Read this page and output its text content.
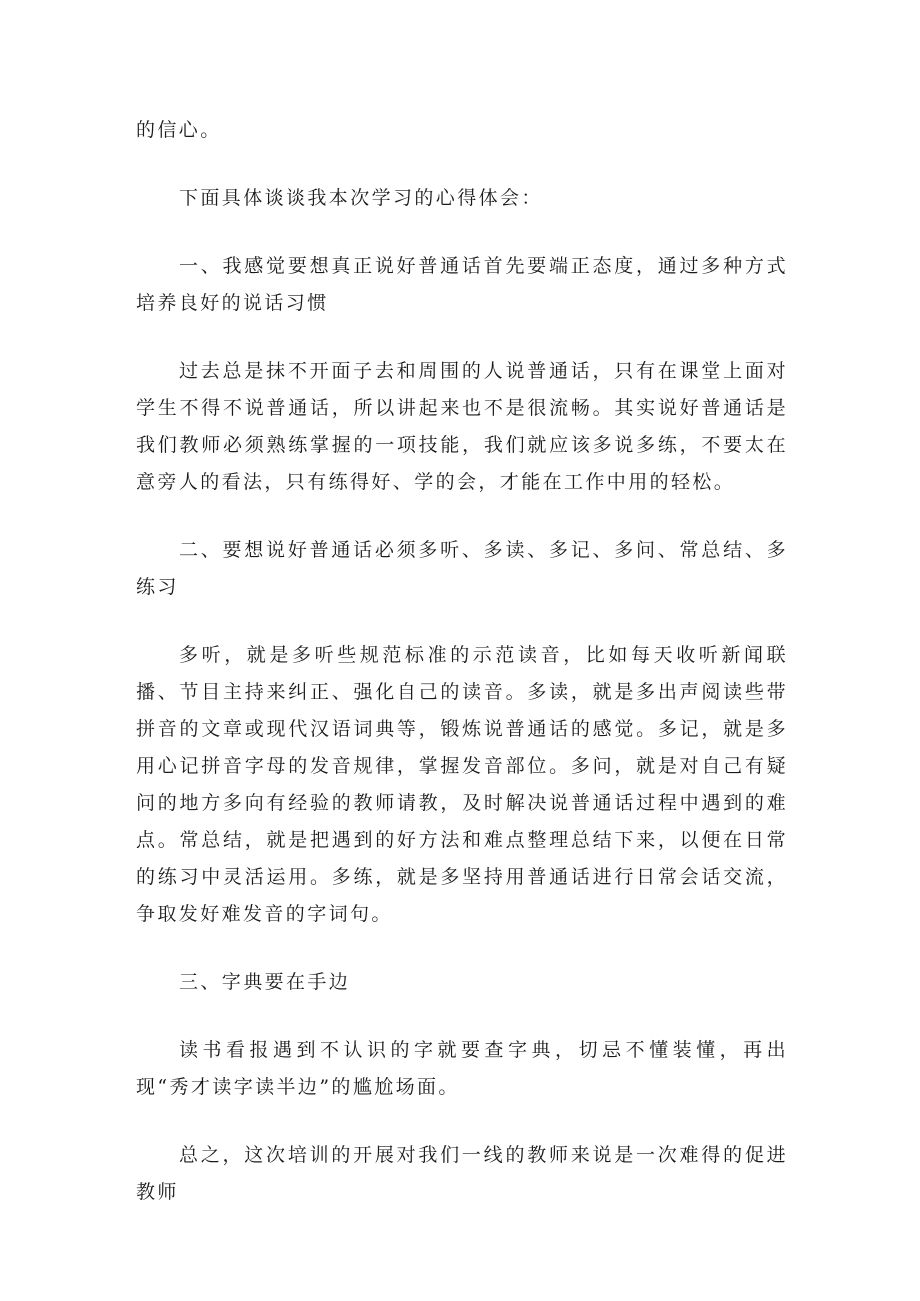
的信心。

下面具体谈谈我本次学习的心得体会：

一、我感觉要想真正说好普通话首先要端正态度，通过多种方式培养良好的说话习惯

过去总是抹不开面子去和周围的人说普通话，只有在课堂上面对学生不得不说普通话，所以讲起来也不是很流畅。其实说好普通话是我们教师必须熟练掌握的一项技能，我们就应该多说多练，不要太在意旁人的看法，只有练得好、学的会，才能在工作中用的轻松。

二、要想说好普通话必须多听、多读、多记、多问、常总结、多练习

多听，就是多听些规范标准的示范读音，比如每天收听新闻联播、节目主持来纠正、强化自己的读音。多读，就是多出声阅读些带拼音的文章或现代汉语词典等，锻炼说普通话的感觉。多记，就是多用心记拼音字母的发音规律，掌握发音部位。多问，就是对自己有疑问的地方多向有经验的教师请教，及时解决说普通话过程中遇到的难点。常总结，就是把遇到的好方法和难点整理总结下来，以便在日常的练习中灵活运用。多练，就是多坚持用普通话进行日常会话交流，争取发好难发音的字词句。

三、字典要在手边

读书看报遇到不认识的字就要查字典，切忌不懂装懂，再出现“秀才读字读半边”的尴尬场面。

总之，这次培训的开展对我们一线的教师来说是一次难得的促进教师
